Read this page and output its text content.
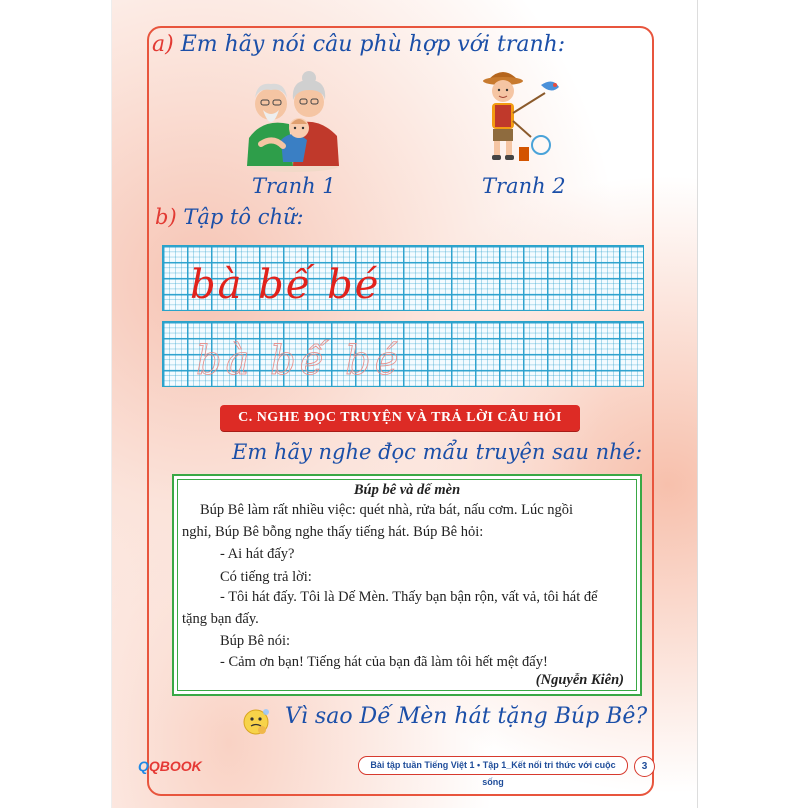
a) Em hãy nói câu phù hợp với tranh:
Tranh 1	Tranh 2
b) Tập tô chữ:
bà bế bé
bà bế bé
C. NGHE ĐỌC TRUYỆN VÀ TRẢ LỜI CÂU HỎI
Em hãy nghe đọc mẩu truyện sau nhé:
Búp bê và dế mèn
Búp Bê làm rất nhiều việc: quét nhà, rửa bát, nấu cơm. Lúc ngồi
nghỉ, Búp Bê bỗng nghe thấy tiếng hát. Búp Bê hỏi:
- Ai hát đấy?
Có tiếng trả lời:
- Tôi hát đấy. Tôi là Dế Mèn. Thấy bạn bận rộn, vất vả, tôi hát để
tặng bạn đấy.
Búp Bê nói:
- Cảm ơn bạn! Tiếng hát của bạn đã làm tôi hết mệt đấy!
(Nguyễn Kiên)
Vì sao Dế Mèn hát tặng Búp Bê?
QQBOOK	Bài tập tuần Tiếng Việt 1 • Tập 1_Kết nối tri thức với cuộc sống
3
